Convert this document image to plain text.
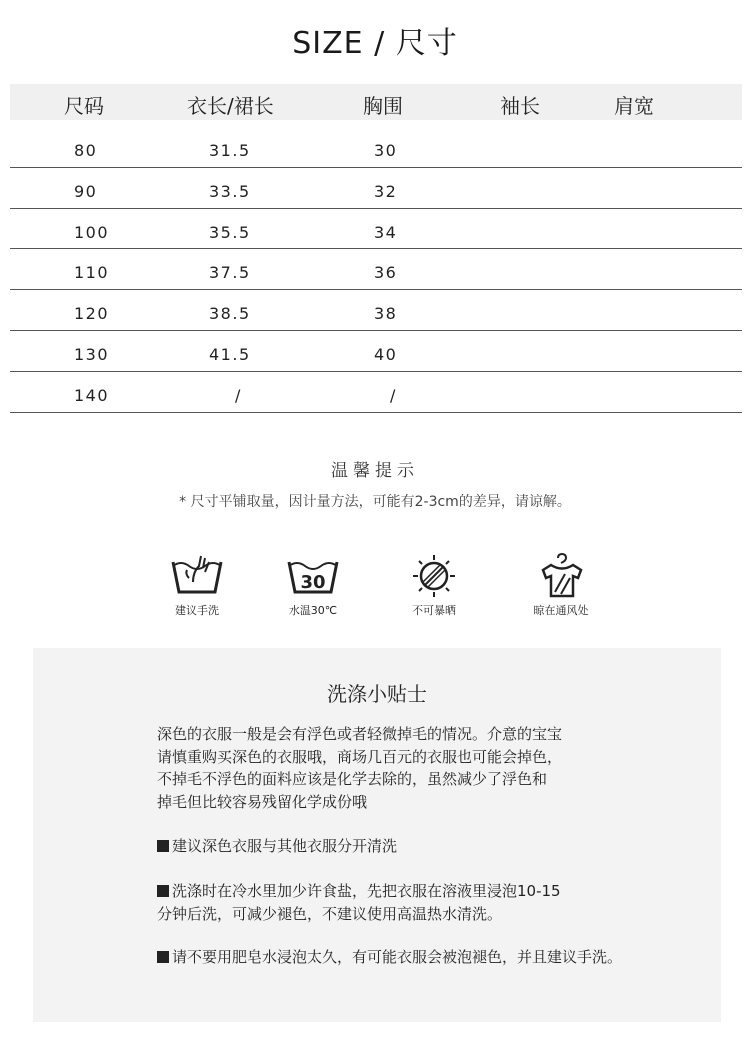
SIZE / 尺寸
尺码	衣长/裙长	胸围	袖长	肩宽
80	31.5	30
90	33.5	32
100	35.5	34
110	37.5	36
120	38.5	38
130	41.5	40
140	/	/
温馨提示
* 尺寸平铺取量，因计量方法，可能有2-3cm的差异，请谅解。
建议手洗
30
水温30℃	不可暴晒	晾在通风处
洗涤小贴士
深色的衣服一般是会有浮色或者轻微掉毛的情况。介意的宝宝
请慎重购买深色的衣服哦，商场几百元的衣服也可能会掉色，
不掉毛不浮色的面料应该是化学去除的，虽然减少了浮色和
掉毛但比较容易残留化学成份哦
建议深色衣服与其他衣服分开清洗
洗涤时在冷水里加少许食盐，先把衣服在溶液里浸泡10-15
分钟后洗，可减少褪色，不建议使用高温热水清洗。
请不要用肥皂水浸泡太久，有可能衣服会被泡褪色，并且建议手洗。
